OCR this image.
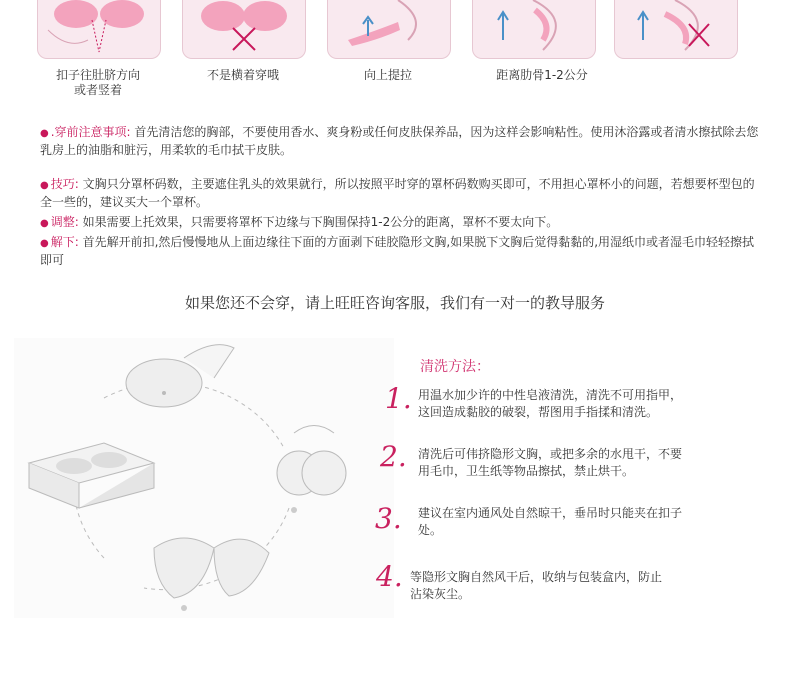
扣子往肚脐方向
或者竖着
不是横着穿哦	向上提拉	距离肋骨1-2公分
● .穿前注意事项: 首先清洁您的胸部，不要使用香水、爽身粉或任何皮肤保养品，因为这样会影响粘性。使用沐浴露或者清水擦拭除去您乳房上的油脂和脏污，用柔软的毛巾拭干皮肤。
● 技巧: 文胸只分罩杯码数，主要遮住乳头的效果就行，所以按照平时穿的罩杯码数购买即可，不用担心罩杯小的问题，若想要杯型包的全一些的，建议买大一个罩杯。
● 调整: 如果需要上托效果，只需要将罩杯下边缘与下胸围保持1-2公分的距离，罩杯不要太向下。
● 解下: 首先解开前扣,然后慢慢地从上面边缘往下面的方面剥下硅胶隐形文胸,如果脱下文胸后觉得黏黏的,用湿纸巾或者湿毛巾轻轻擦拭即可
如果您还不会穿，请上旺旺咨询客服，我们有一对一的教导服务
清洗方法：
1. 用温水加少许的中性皂液清洗，清洗不可用指甲，
这回造成黏胶的破裂，帮图用手指揉和清洗。
2. 清洗后可伟挤隐形文胸，或把多余的水甩干，不要
用毛巾，卫生纸等物品擦拭，禁止烘干。
3. 建议在室内通风处自然晾干，垂吊时只能夹在扣子
处。
4. 等隐形文胸自然风干后，收纳与包装盒内，防止
沾染灰尘。
